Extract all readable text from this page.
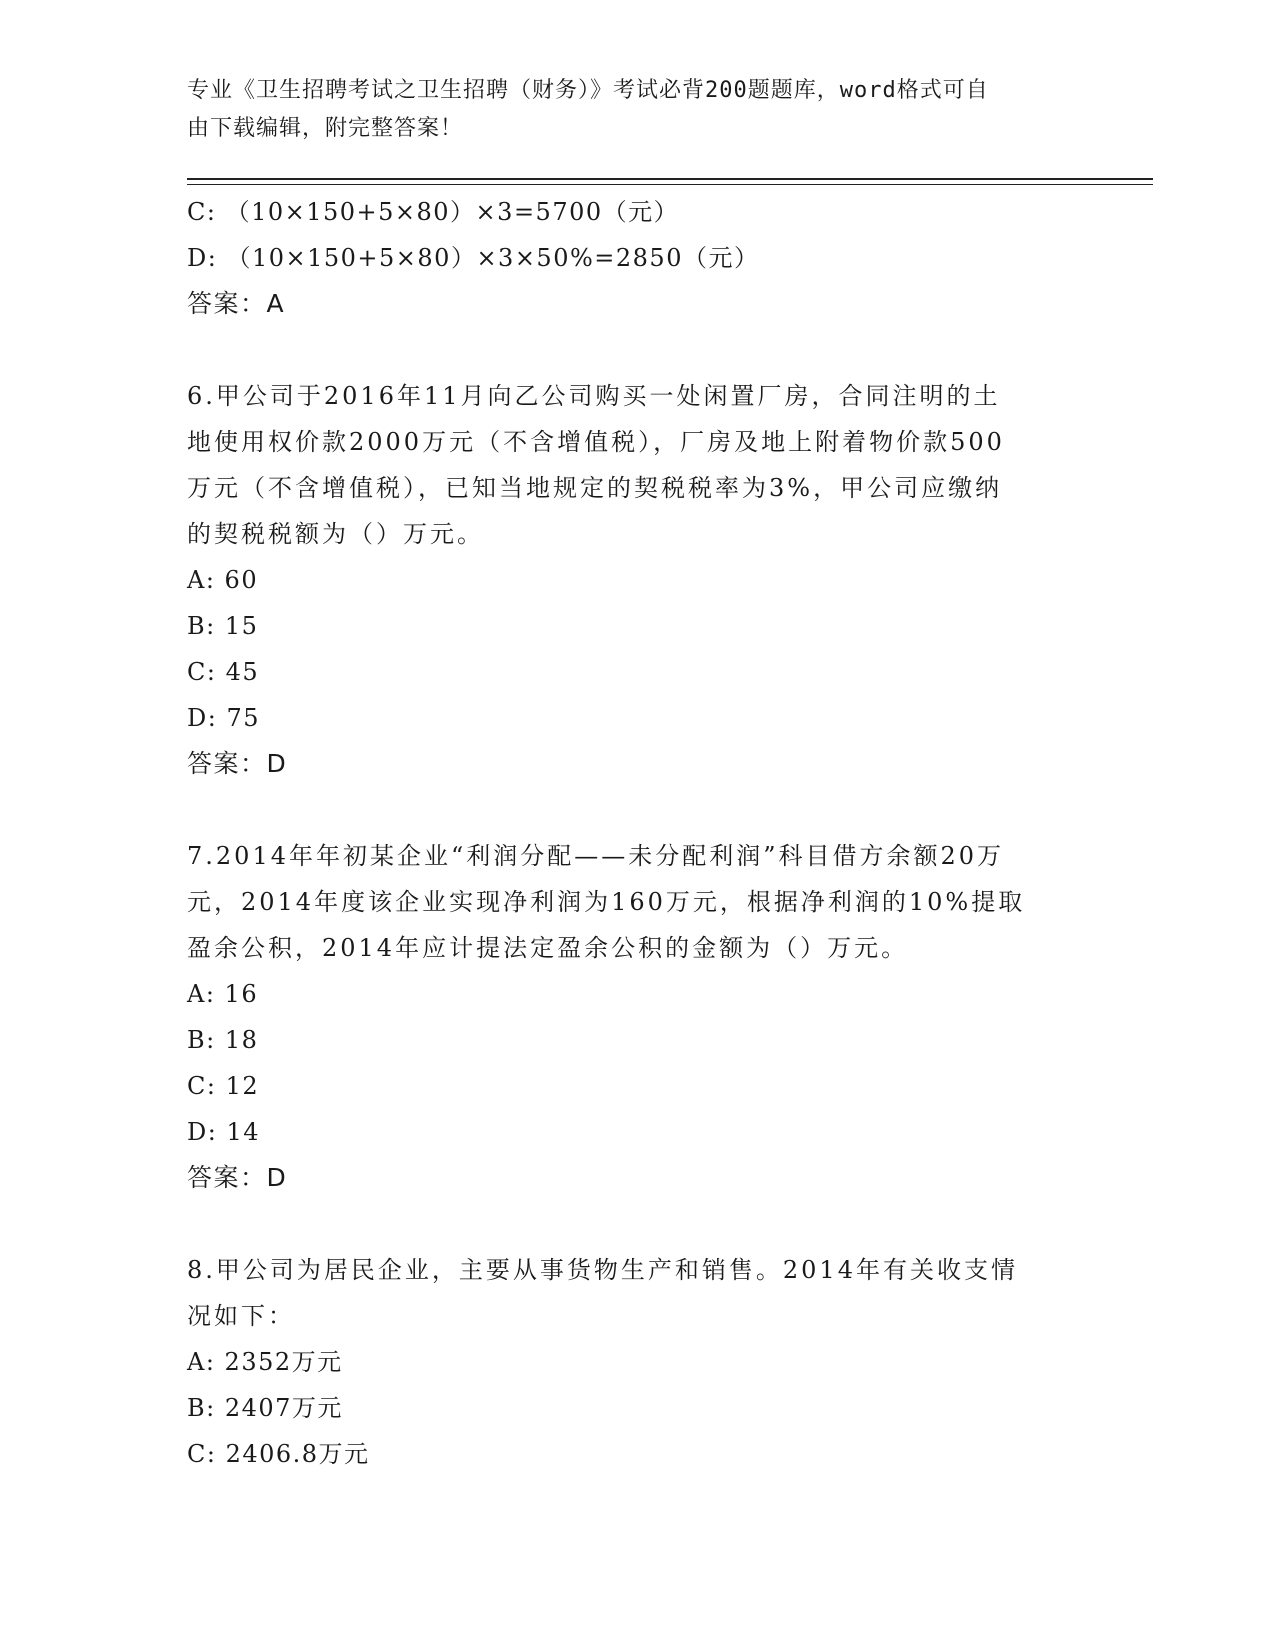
专业《卫生招聘考试之卫生招聘（财务）》考试必背200题题库，word格式可自
由下载编辑，附完整答案！
C: （10×150+5×80）×3=5700（元）
D: （10×150+5×80）×3×50%=2850（元）
答案：A
6.甲公司于2016年11月向乙公司购买一处闲置厂房，合同注明的土
地使用权价款2000万元（不含增值税），厂房及地上附着物价款500
万元（不含增值税），已知当地规定的契税税率为3%，甲公司应缴纳
的契税税额为（）万元。
A: 60
B: 15
C: 45
D: 75
答案：D
7.2014年年初某企业“利润分配——未分配利润”科目借方余额20万
元，2014年度该企业实现净利润为160万元，根据净利润的10%提取
盈余公积，2014年应计提法定盈余公积的金额为（）万元。
A: 16
B: 18
C: 12
D: 14
答案：D
8.甲公司为居民企业，主要从事货物生产和销售。2014年有关收支情
况如下：
A: 2352万元
B: 2407万元
C: 2406.8万元
